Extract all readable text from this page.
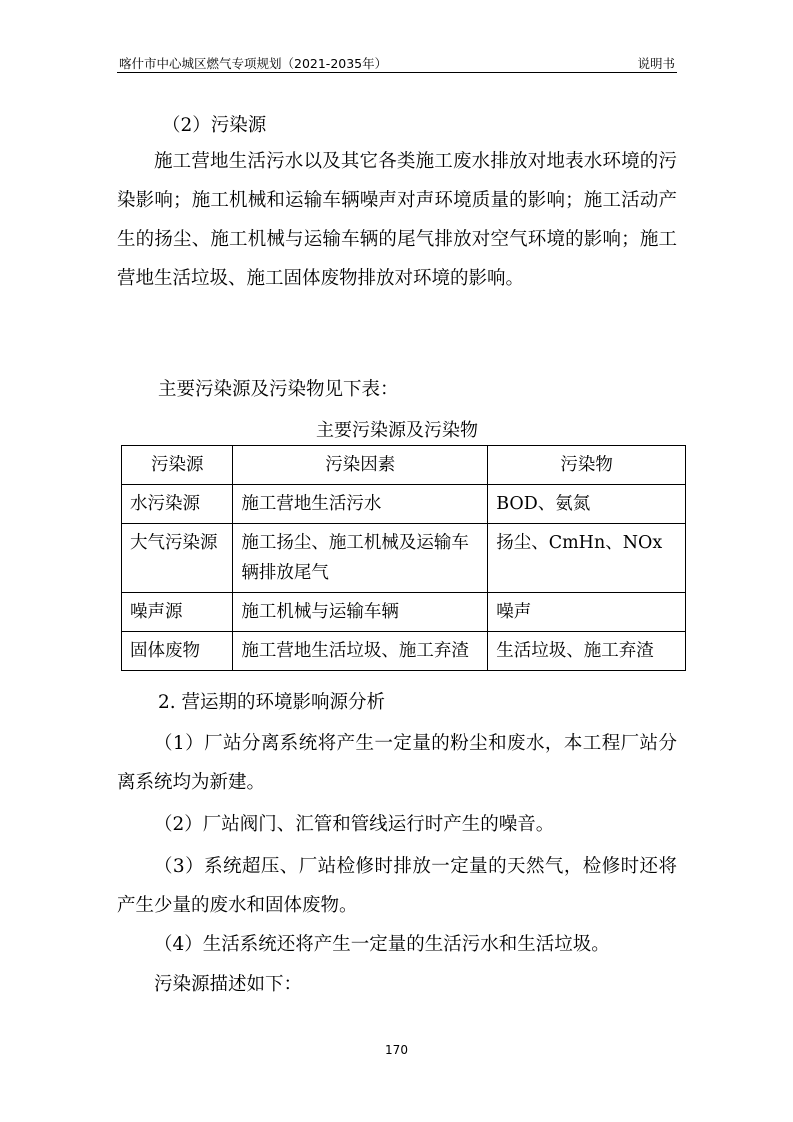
喀什市中心城区燃气专项规划（2021-2035年）	说明书

（2）污染源

施工营地生活污水以及其它各类施工废水排放对地表水环境的污染影响；施工机械和运输车辆噪声对声环境质量的影响；施工活动产生的扬尘、施工机械与运输车辆的尾气排放对空气环境的影响；施工营地生活垃圾、施工固体废物排放对环境的影响。

主要污染源及污染物见下表：

主要污染源及污染物
污染源	污染因素	污染物
水污染源	施工营地生活污水	BOD、氨氮
大气污染源	施工扬尘、施工机械及运输车辆排放尾气	扬尘、CmHn、NOx
噪声源	施工机械与运输车辆	噪声
固体废物	施工营地生活垃圾、施工弃渣	生活垃圾、施工弃渣

2. 营运期的环境影响源分析

（1）厂站分离系统将产生一定量的粉尘和废水，本工程厂站分离系统均为新建。

（2）厂站阀门、汇管和管线运行时产生的噪音。

（3）系统超压、厂站检修时排放一定量的天然气，检修时还将产生少量的废水和固体废物。

（4）生活系统还将产生一定量的生活污水和生活垃圾。

污染源描述如下：

170
